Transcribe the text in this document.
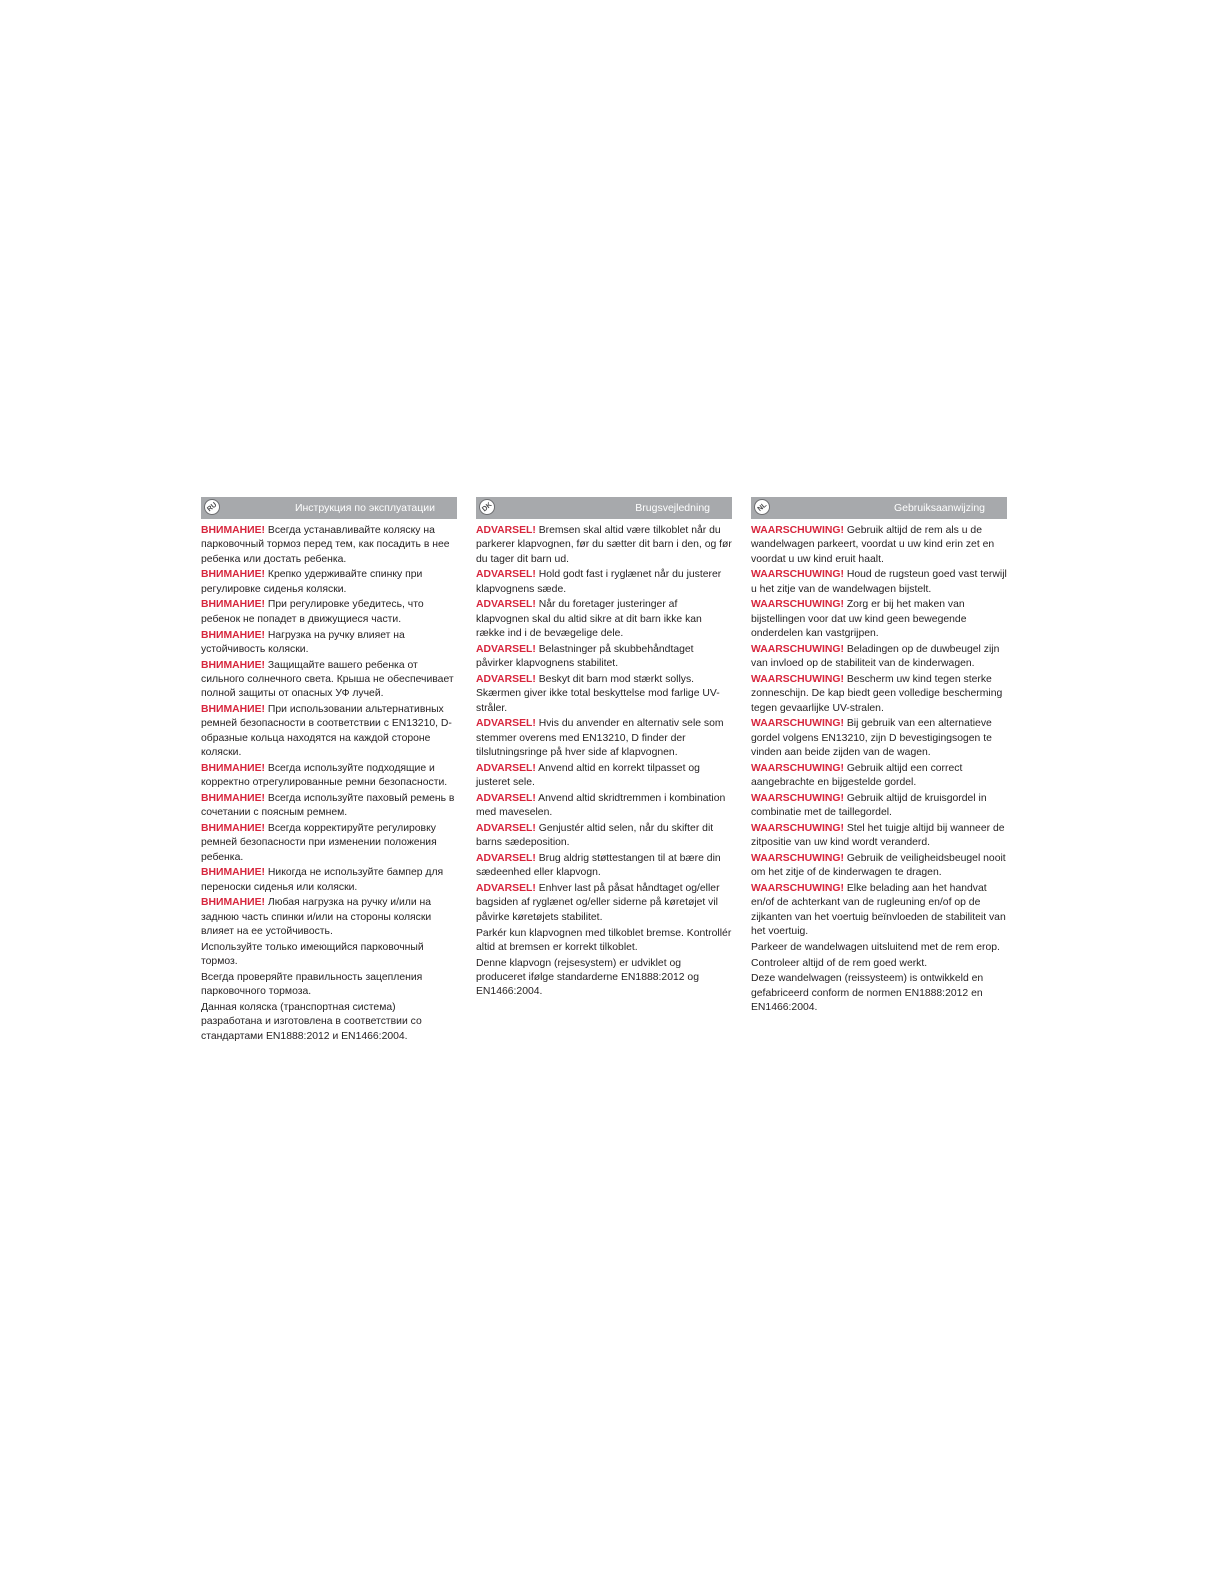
RU	Инструкция по эксплуатации

ВНИМАНИЕ! Всегда устанавливайте коляску на парковочный тормоз перед тем, как посадить в нее ребенка или достать ребенка.

ВНИМАНИЕ! Крепко удерживайте спинку при регулировке сиденья коляски.

ВНИМАНИЕ! При регулировке убедитесь, что ребенок не попадет в движущиеся части.

ВНИМАНИЕ! Нагрузка на ручку влияет на устойчивость коляски.

ВНИМАНИЕ! Защищайте вашего ребенка от сильного солнечного света. Крыша не обеспечивает полной защиты от опасных УФ лучей.

ВНИМАНИЕ! При использовании альтернативных ремней безопасности в соответствии с EN13210, D-образные кольца находятся на каждой стороне коляски.

ВНИМАНИЕ! Всегда используйте подходящие и корректно отрегулированные ремни безопасности.

ВНИМАНИЕ! Всегда используйте паховый ремень в сочетании с поясным ремнем.

ВНИМАНИЕ! Всегда корректируйте регулировку ремней безопасности при изменении положения ребенка.

ВНИМАНИЕ! Никогда не используйте бампер для переноски сиденья или коляски.

ВНИМАНИЕ! Любая нагрузка на ручку и/или на заднюю часть спинки и/или на стороны коляски влияет на ее устойчивость.

Используйте только имеющийся парковочный тормоз.

Всегда проверяйте правильность зацепления парковочного тормоза.

Данная коляска (транспортная система) разработана и изготовлена в соответствии со стандартами EN1888:2012 и EN1466:2004.

DK	Brugsvejledning

ADVARSEL! Bremsen skal altid være tilkoblet når du parkerer klapvognen, før du sætter dit barn i den, og før du tager dit barn ud.

ADVARSEL! Hold godt fast i ryglænet når du justerer klapvognens sæde.

ADVARSEL! Når du foretager justeringer af klapvognen skal du altid sikre at dit barn ikke kan række ind i de bevægelige dele.

ADVARSEL! Belastninger på skubbehåndtaget påvirker klapvognens stabilitet.

ADVARSEL! Beskyt dit barn mod stærkt sollys. Skærmen giver ikke total beskyttelse mod farlige UV-stråler.

ADVARSEL! Hvis du anvender en alternativ sele som stemmer overens med EN13210, D finder der tilslutningsringe på hver side af klapvognen.

ADVARSEL! Anvend altid en korrekt tilpasset og justeret sele.

ADVARSEL! Anvend altid skridtremmen i kombination med maveselen.

ADVARSEL! Genjustér altid selen, når du skifter dit barns sædeposition.

ADVARSEL! Brug aldrig støttestangen til at bære din sædeenhed eller klapvogn.

ADVARSEL! Enhver last på påsat håndtaget og/eller bagsiden af ryglænet og/eller siderne på køretøjet vil påvirke køretøjets stabilitet.

Parkér kun klapvognen med tilkoblet bremse. Kontrollér altid at bremsen er korrekt tilkoblet.

Denne klapvogn (rejsesystem) er udviklet og produceret ifølge standarderne EN1888:2012 og EN1466:2004.

NL	Gebruiksaanwijzing

WAARSCHUWING! Gebruik altijd de rem als u de wandelwagen parkeert, voordat u uw kind erin zet en voordat u uw kind eruit haalt.

WAARSCHUWING! Houd de rugsteun goed vast terwijl u het zitje van de wandelwagen bijstelt.

WAARSCHUWING! Zorg er bij het maken van bijstellingen voor dat uw kind geen bewegende onderdelen kan vastgrijpen.

WAARSCHUWING! Beladingen op de duwbeugel zijn van invloed op de stabiliteit van de kinderwagen.

WAARSCHUWING! Bescherm uw kind tegen sterke zonneschijn. De kap biedt geen volledige bescherming tegen gevaarlijke UV-stralen.

WAARSCHUWING! Bij gebruik van een alternatieve gordel volgens EN13210, zijn D bevestigingsogen te vinden aan beide zijden van de wagen.

WAARSCHUWING! Gebruik altijd een correct aangebrachte en bijgestelde gordel.

WAARSCHUWING! Gebruik altijd de kruisgordel in combinatie met de taillegordel.

WAARSCHUWING! Stel het tuigje altijd bij wanneer de zitpositie van uw kind wordt veranderd.

WAARSCHUWING! Gebruik de veiligheidsbeugel nooit om het zitje of de kinderwagen te dragen.

WAARSCHUWING! Elke belading aan het handvat en/of de achterkant van de rugleuning en/of op de zijkanten van het voertuig beïnvloeden de stabiliteit van het voertuig.

Parkeer de wandelwagen uitsluitend met de rem erop.

Controleer altijd of de rem goed werkt.

Deze wandelwagen (reissysteem) is ontwikkeld en gefabriceerd conform de normen EN1888:2012 en EN1466:2004.
